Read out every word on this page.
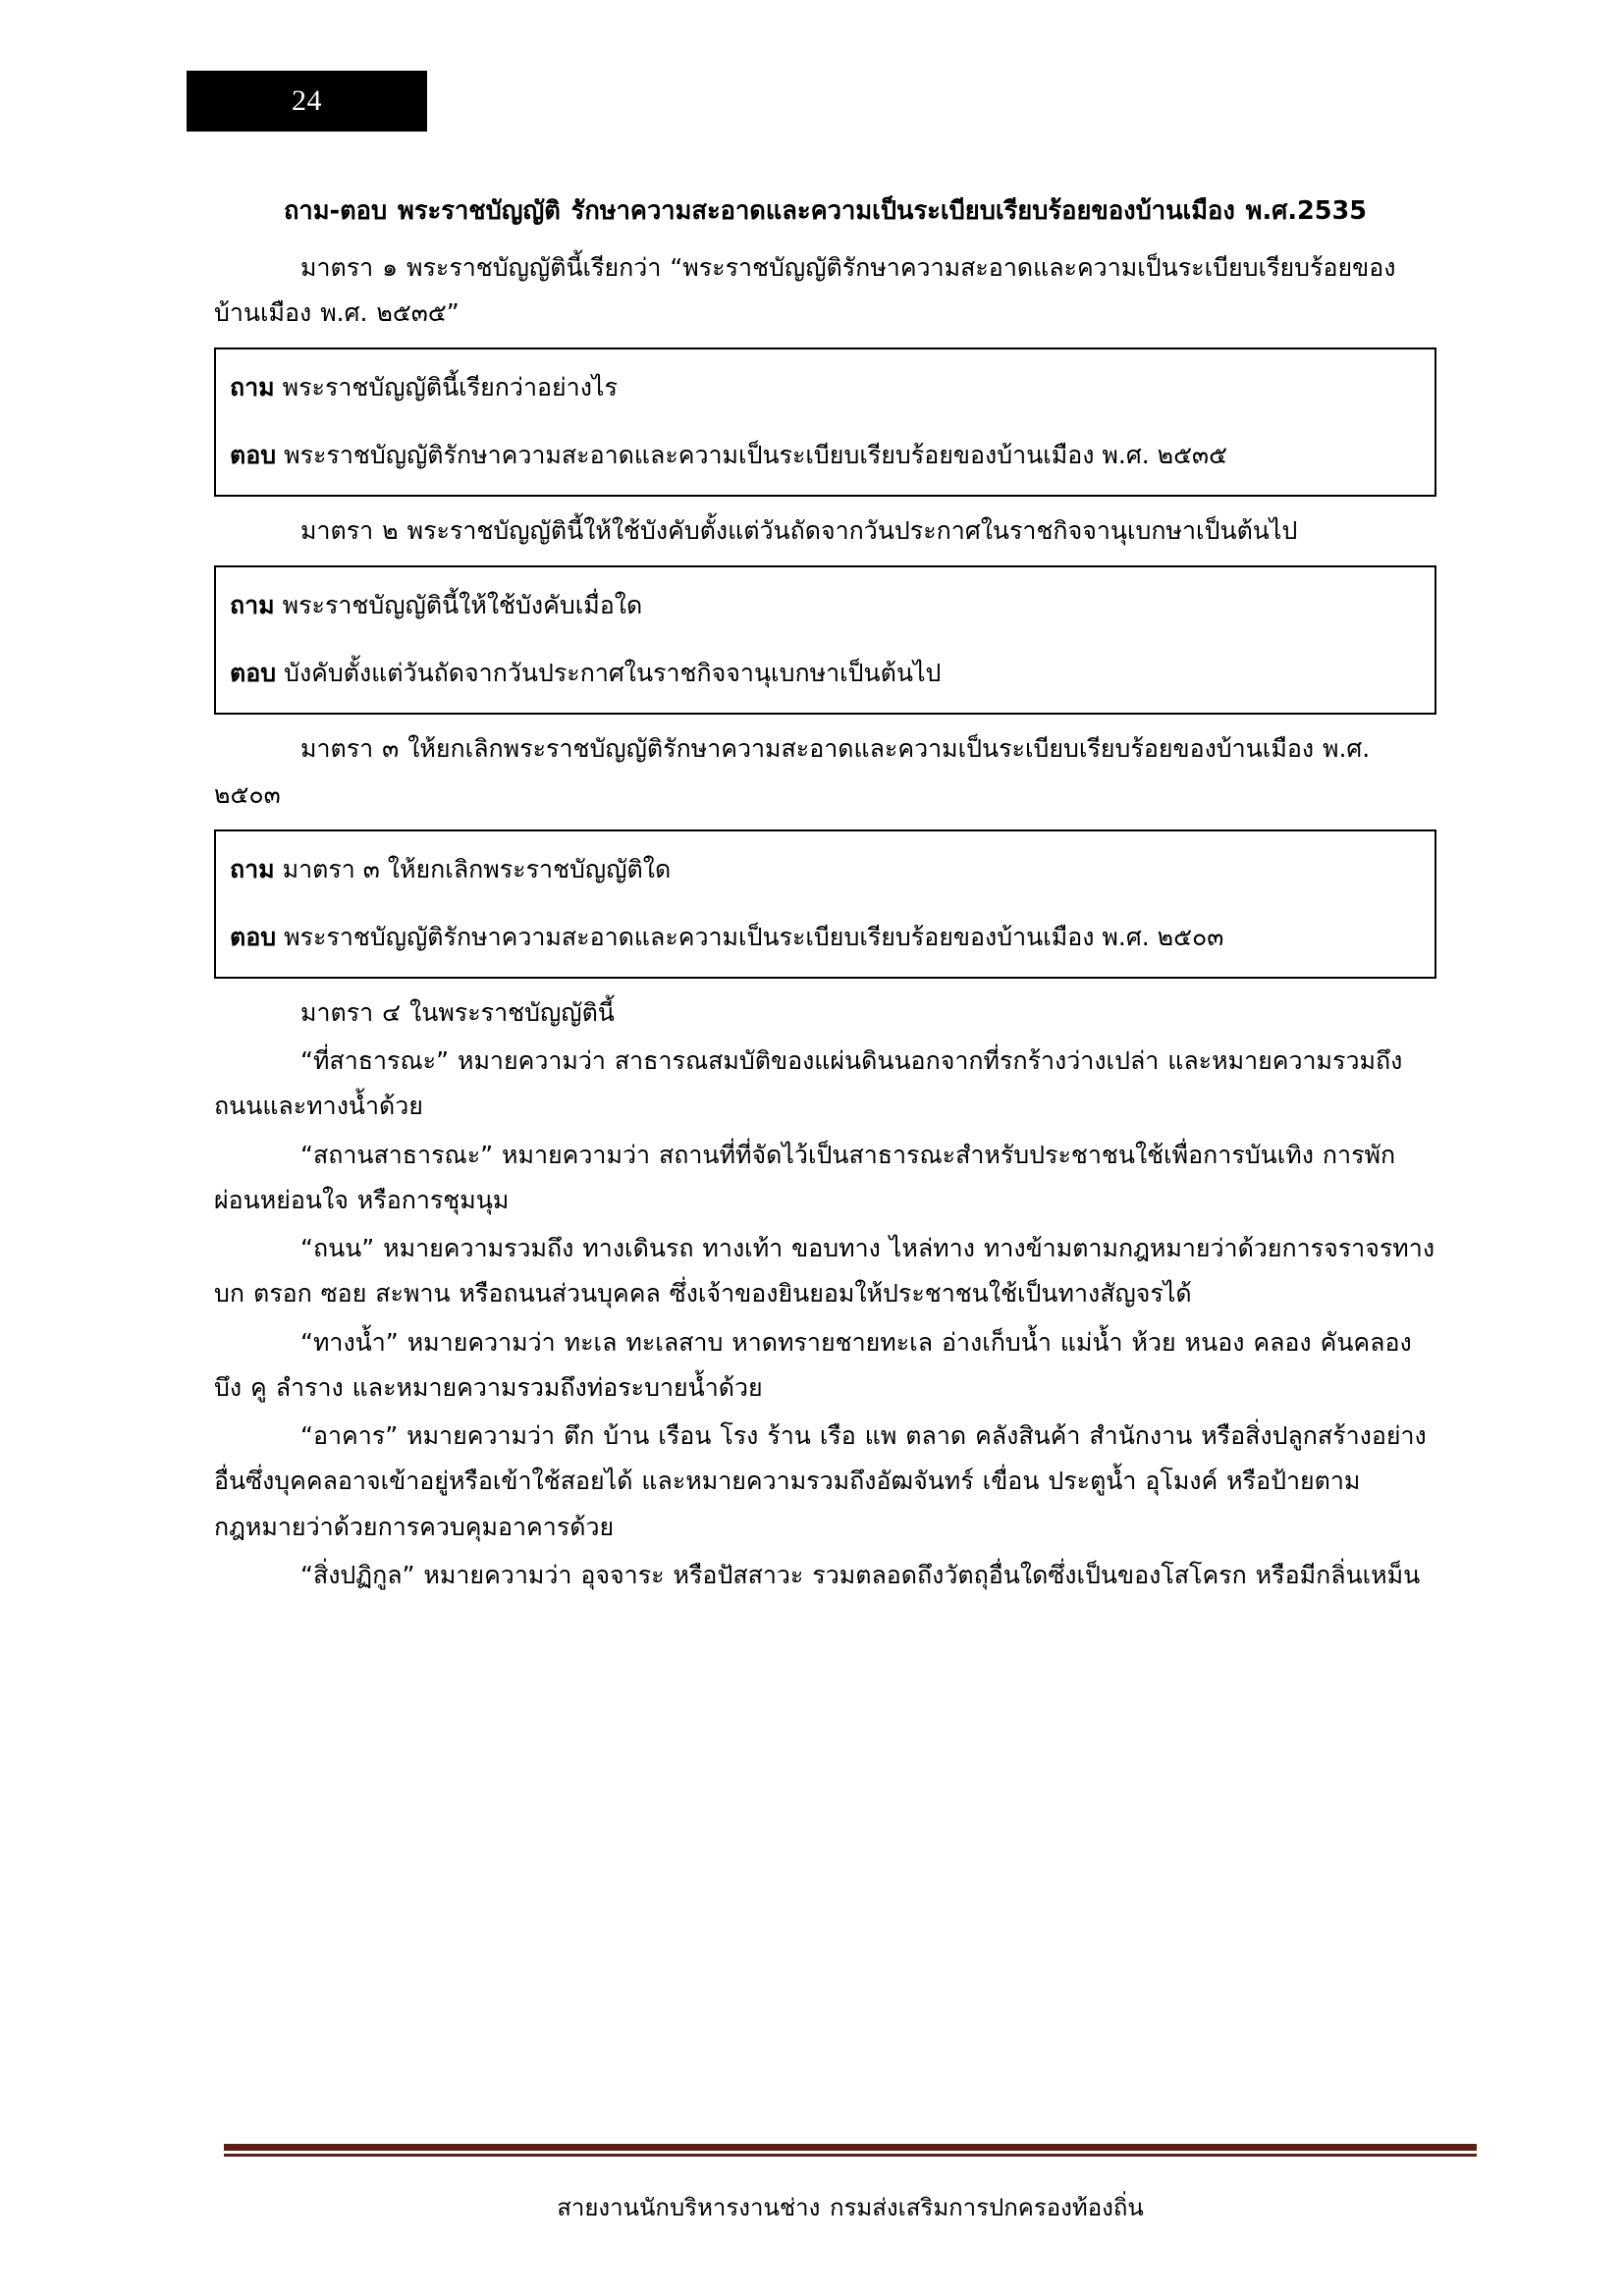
24
ถาม-ตอบ พระราชบัญญัติ รักษาความสะอาดและความเป็นระเบียบเรียบร้อยของบ้านเมือง พ.ศ.2535

มาตรา ๑ พระราชบัญญัตินี้เรียกว่า “พระราชบัญญัติรักษาความสะอาดและความเป็นระเบียบเรียบร้อยของบ้านเมือง พ.ศ. ๒๕๓๕”

ถาม พระราชบัญญัตินี้เรียกว่าอย่างไร

ตอบ พระราชบัญญัติรักษาความสะอาดและความเป็นระเบียบเรียบร้อยของบ้านเมือง พ.ศ. ๒๕๓๕

มาตรา ๒ พระราชบัญญัตินี้ให้ใช้บังคับตั้งแต่วันถัดจากวันประกาศในราชกิจจานุเบกษาเป็นต้นไป

ถาม พระราชบัญญัตินี้ให้ใช้บังคับเมื่อใด

ตอบ บังคับตั้งแต่วันถัดจากวันประกาศในราชกิจจานุเบกษาเป็นต้นไป

มาตรา ๓ ให้ยกเลิกพระราชบัญญัติรักษาความสะอาดและความเป็นระเบียบเรียบร้อยของบ้านเมือง พ.ศ. ๒๕๐๓

ถาม มาตรา ๓ ให้ยกเลิกพระราชบัญญัติใด

ตอบ พระราชบัญญัติรักษาความสะอาดและความเป็นระเบียบเรียบร้อยของบ้านเมือง พ.ศ. ๒๕๐๓

มาตรา ๔ ในพระราชบัญญัตินี้

“ที่สาธารณะ” หมายความว่า สาธารณสมบัติของแผ่นดินนอกจากที่รกร้างว่างเปล่า และหมายความรวมถึงถนนและทางน้ำด้วย

“สถานสาธารณะ” หมายความว่า สถานที่ที่จัดไว้เป็นสาธารณะสำหรับประชาชนใช้เพื่อการบันเทิง การพักผ่อนหย่อนใจ หรือการชุมนุม

“ถนน” หมายความรวมถึง ทางเดินรถ ทางเท้า ขอบทาง ไหล่ทาง ทางข้ามตามกฎหมายว่าด้วยการจราจรทางบก ตรอก ซอย สะพาน หรือถนนส่วนบุคคล ซึ่งเจ้าของยินยอมให้ประชาชนใช้เป็นทางสัญจรได้

“ทางน้ำ” หมายความว่า ทะเล ทะเลสาบ หาดทรายชายทะเล อ่างเก็บน้ำ แม่น้ำ ห้วย หนอง คลอง คันคลอง บึง คู ลำราง และหมายความรวมถึงท่อระบายน้ำด้วย

“อาคาร” หมายความว่า ตึก บ้าน เรือน โรง ร้าน เรือ แพ ตลาด คลังสินค้า สำนักงาน หรือสิ่งปลูกสร้างอย่างอื่นซึ่งบุคคลอาจเข้าอยู่หรือเข้าใช้สอยได้ และหมายความรวมถึงอัฒจันทร์ เขื่อน ประตูน้ำ อุโมงค์ หรือป้ายตามกฎหมายว่าด้วยการควบคุมอาคารด้วย

“สิ่งปฏิกูล” หมายความว่า อุจจาระ หรือปัสสาวะ รวมตลอดถึงวัตถุอื่นใดซึ่งเป็นของโสโครก หรือมีกลิ่นเหม็น

สายงานนักบริหารงานช่าง กรมส่งเสริมการปกครองท้องถิ่น
